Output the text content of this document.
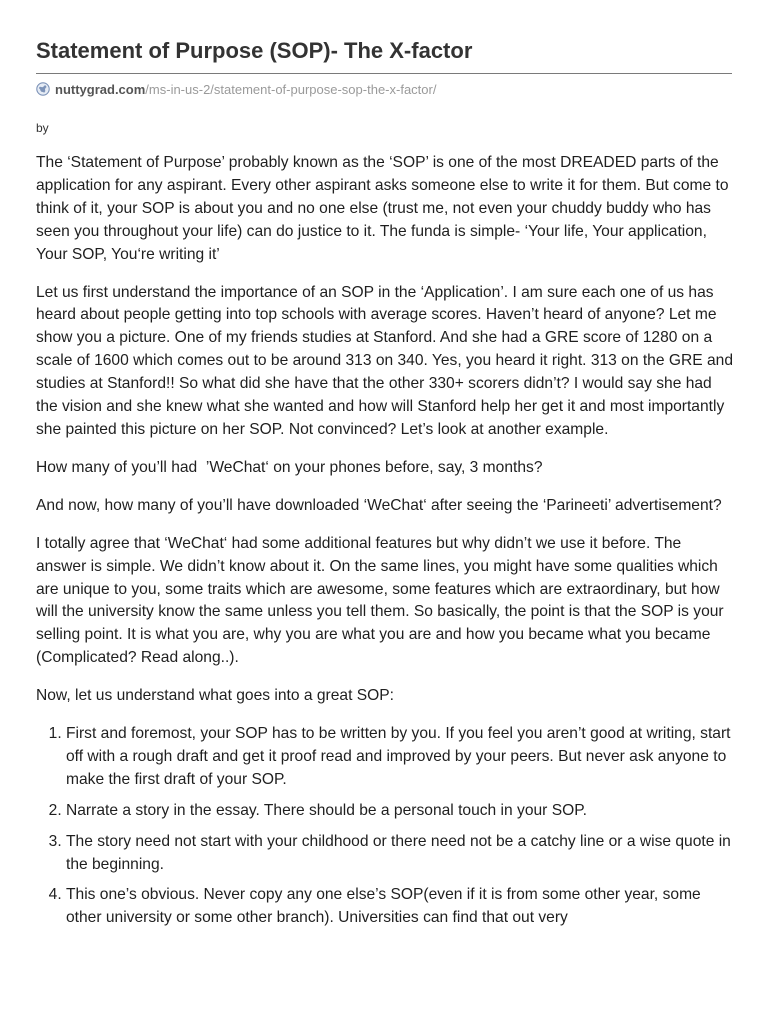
Statement of Purpose (SOP)- The X-factor
nuttygrad.com /ms-in-us-2/statement-of-purpose-sop-the-x-factor/
by

The ‘Statement of Purpose’ probably known as the ‘SOP’ is one of the most DREADED parts of the application for any aspirant. Every other aspirant asks someone else to write it for them. But come to think of it, your SOP is about you and no one else (trust me, not even your chuddy buddy who has seen you throughout your life) can do justice to it. The funda is simple- ‘Your life, Your application, Your SOP, You‘re writing it’

Let us first understand the importance of an SOP in the ‘Application’. I am sure each one of us has heard about people getting into top schools with average scores. Haven’t heard of anyone? Let me show you a picture. One of my friends studies at Stanford. And she had a GRE score of 1280 on a scale of 1600 which comes out to be around 313 on 340. Yes, you heard it right. 313 on the GRE and studies at Stanford!! So what did she have that the other 330+ scorers didn’t? I would say she had the vision and she knew what she wanted and how will Stanford help her get it and most importantly she painted this picture on her SOP. Not convinced? Let’s look at another example.

How many of you’ll had  ’WeChat‘ on your phones before, say, 3 months?

And now, how many of you’ll have downloaded ‘WeChat‘ after seeing the ‘Parineeti’ advertisement?

I totally agree that ‘WeChat‘ had some additional features but why didn’t we use it before. The answer is simple. We didn’t know about it. On the same lines, you might have some qualities which are unique to you, some traits which are awesome, some features which are extraordinary, but how will the university know the same unless you tell them. So basically, the point is that the SOP is your selling point. It is what you are, why you are what you are and how you became what you became (Complicated? Read along..).

Now, let us understand what goes into a great SOP:

1. First and foremost, your SOP has to be written by you. If you feel you aren’t good at writing, start off with a rough draft and get it proof read and improved by your peers. But never ask anyone to make the first draft of your SOP.
2. Narrate a story in the essay. There should be a personal touch in your SOP.
3. The story need not start with your childhood or there need not be a catchy line or a wise quote in the beginning.
4. This one’s obvious. Never copy any one else’s SOP(even if it is from some other year, some other university or some other branch). Universities can find that out very
